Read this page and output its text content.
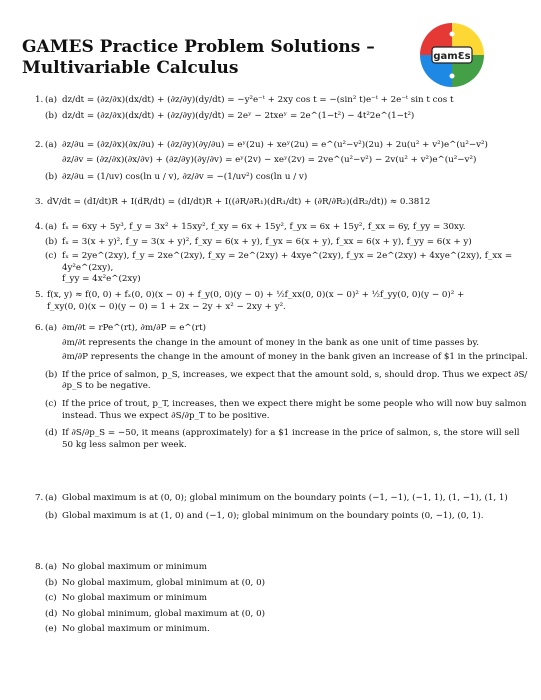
GAMES Practice Problem Solutions – Multivariable Calculus
gamƐs
1. (a) dz/dt = (∂z/∂x)(dx/dt) + (∂z/∂y)(dy/dt) = −y²e⁻ᵗ + 2xy cos t = −(sin² t)e⁻ᵗ + 2e⁻ᵗ sin t cos t
(b) dz/dt = (∂z/∂x)(dx/dt) + (∂z/∂y)(dy/dt) = 2eʸ − 2txeʸ = 2e^(1−t²) − 4t²2e^(1−t²)
2. (a) ∂z/∂u = (∂z/∂x)(∂x/∂u) + (∂z/∂y)(∂y/∂u) = eʸ(2u) + xeʸ(2u) = e^(u²−v²)(2u) + 2u(u² + v²)e^(u²−v²)
∂z/∂v = (∂z/∂x)(∂x/∂v) + (∂z/∂y)(∂y/∂v) = eʸ(2v) − xeʸ(2v) = 2ve^(u²−v²) − 2v(u² + v²)e^(u²−v²)
(b) ∂z/∂u = (1/uv) cos(ln u / v), ∂z/∂v = −(1/uv²) cos(ln u / v)
3. dV/dt = (dI/dt)R + I(dR/dt) = (dI/dt)R + I((∂R/∂R₁)(dR₁/dt) + (∂R/∂R₂)(dR₂/dt)) ≈ 0.3812
4. (a) fₓ = 6xy + 5y³, f_y = 3x² + 15xy², f_xy = 6x + 15y², f_yx = 6x + 15y², f_xx = 6y, f_yy = 30xy.
(b) fₓ = 3(x + y)², f_y = 3(x + y)², f_xy = 6(x + y), f_yx = 6(x + y), f_xx = 6(x + y), f_yy = 6(x + y)
(c) fₓ = 2ye^(2xy), f_y = 2xe^(2xy), f_xy = 2e^(2xy) + 4xye^(2xy), f_yx = 2e^(2xy) + 4xye^(2xy), f_xx = 4y²e^(2xy),
f_yy = 4x²e^(2xy)
5. f(x, y) ≈ f(0, 0) + fₓ(0, 0)(x − 0) + f_y(0, 0)(y − 0) + ½f_xx(0, 0)(x − 0)² + ½f_yy(0, 0)(y − 0)² +
f_xy(0, 0)(x − 0)(y − 0) = 1 + 2x − 2y + x² − 2xy + y².
6. (a) ∂m/∂t = rPe^(rt), ∂m/∂P = e^(rt)
∂m/∂t represents the change in the amount of money in the bank as one unit of time passes by.
∂m/∂P represents the change in the amount of money in the bank given an increase of $1 in the principal.
(b) If the price of salmon, p_S, increases, we expect that the amount sold, s, should drop. Thus we expect ∂S/∂p_S to be negative.
(c) If the price of trout, p_T, increases, then we expect there might be some people who will now buy salmon instead. Thus we expect ∂S/∂p_T to be positive.
(d) If ∂S/∂p_S = −50, it means (approximately) for a $1 increase in the price of salmon, s, the store will sell 50 kg less salmon per week.
7. (a) Global maximum is at (0, 0); global minimum on the boundary points (−1, −1), (−1, 1), (1, −1), (1, 1)
(b) Global maximum is at (1, 0) and (−1, 0); global minimum on the boundary points (0, −1), (0, 1).
8. (a) No global maximum or minimum
(b) No global maximum, global minimum at (0, 0)
(c) No global maximum or minimum
(d) No global minimum, global maximum at (0, 0)
(e) No global maximum or minimum.
